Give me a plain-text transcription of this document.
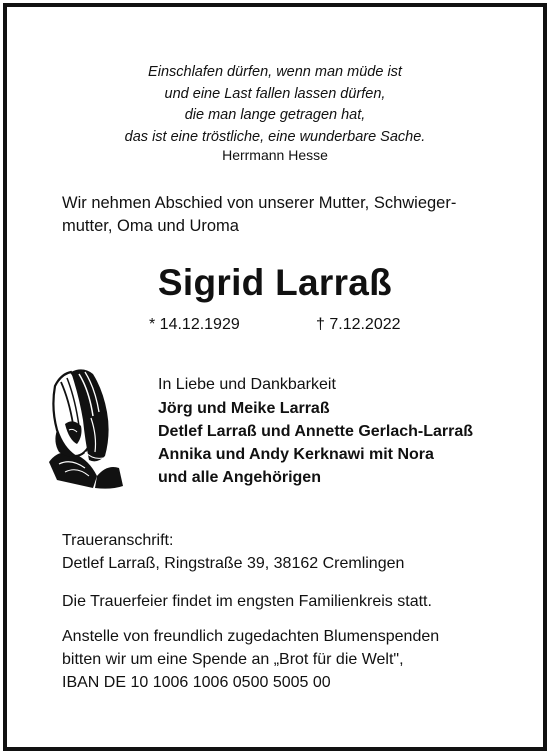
Einschlafen dürfen, wenn man müde ist
und eine Last fallen lassen dürfen,
die man lange getragen hat,
das ist eine tröstliche, eine wunderbare Sache.
Herrmann Hesse
Wir nehmen Abschied von unserer Mutter, Schwieger-
mutter, Oma und Uroma
Sigrid Larraß
* 14.12.1929	† 7.12.2022
In Liebe und Dankbarkeit
Jörg und Meike Larraß
Detlef Larraß und Annette Gerlach-Larraß
Annika und Andy Kerknawi mit Nora
und alle Angehörigen
Traueranschrift:
Detlef Larraß, Ringstraße 39, 38162 Cremlingen
Die Trauerfeier findet im engsten Familienkreis statt.
Anstelle von freundlich zugedachten Blumenspenden
bitten wir um eine Spende an „Brot für die Welt",
IBAN DE 10 1006 1006 0500 5005 00
